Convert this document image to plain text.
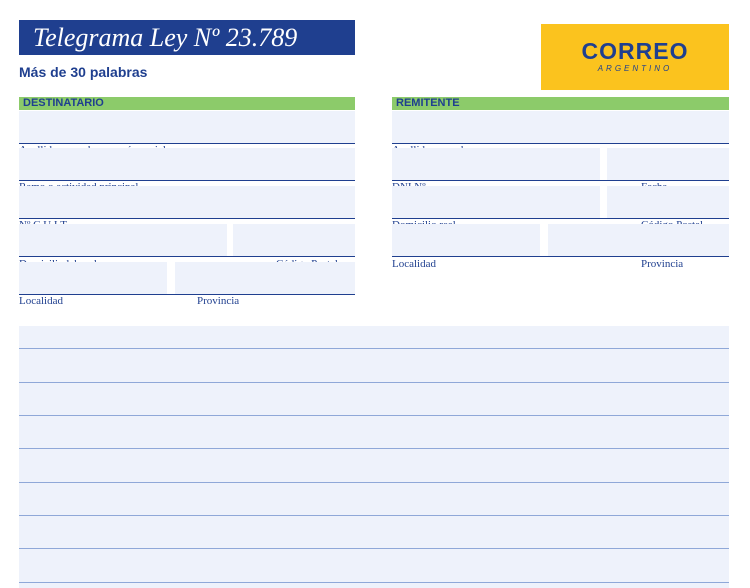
Telegrama Ley Nº 23.789
Más de 30 palabras
CORREO
ARGENTINO
DESTINATARIO
Localidad	Provincia
REMITENTE
Localidad	Provincia
